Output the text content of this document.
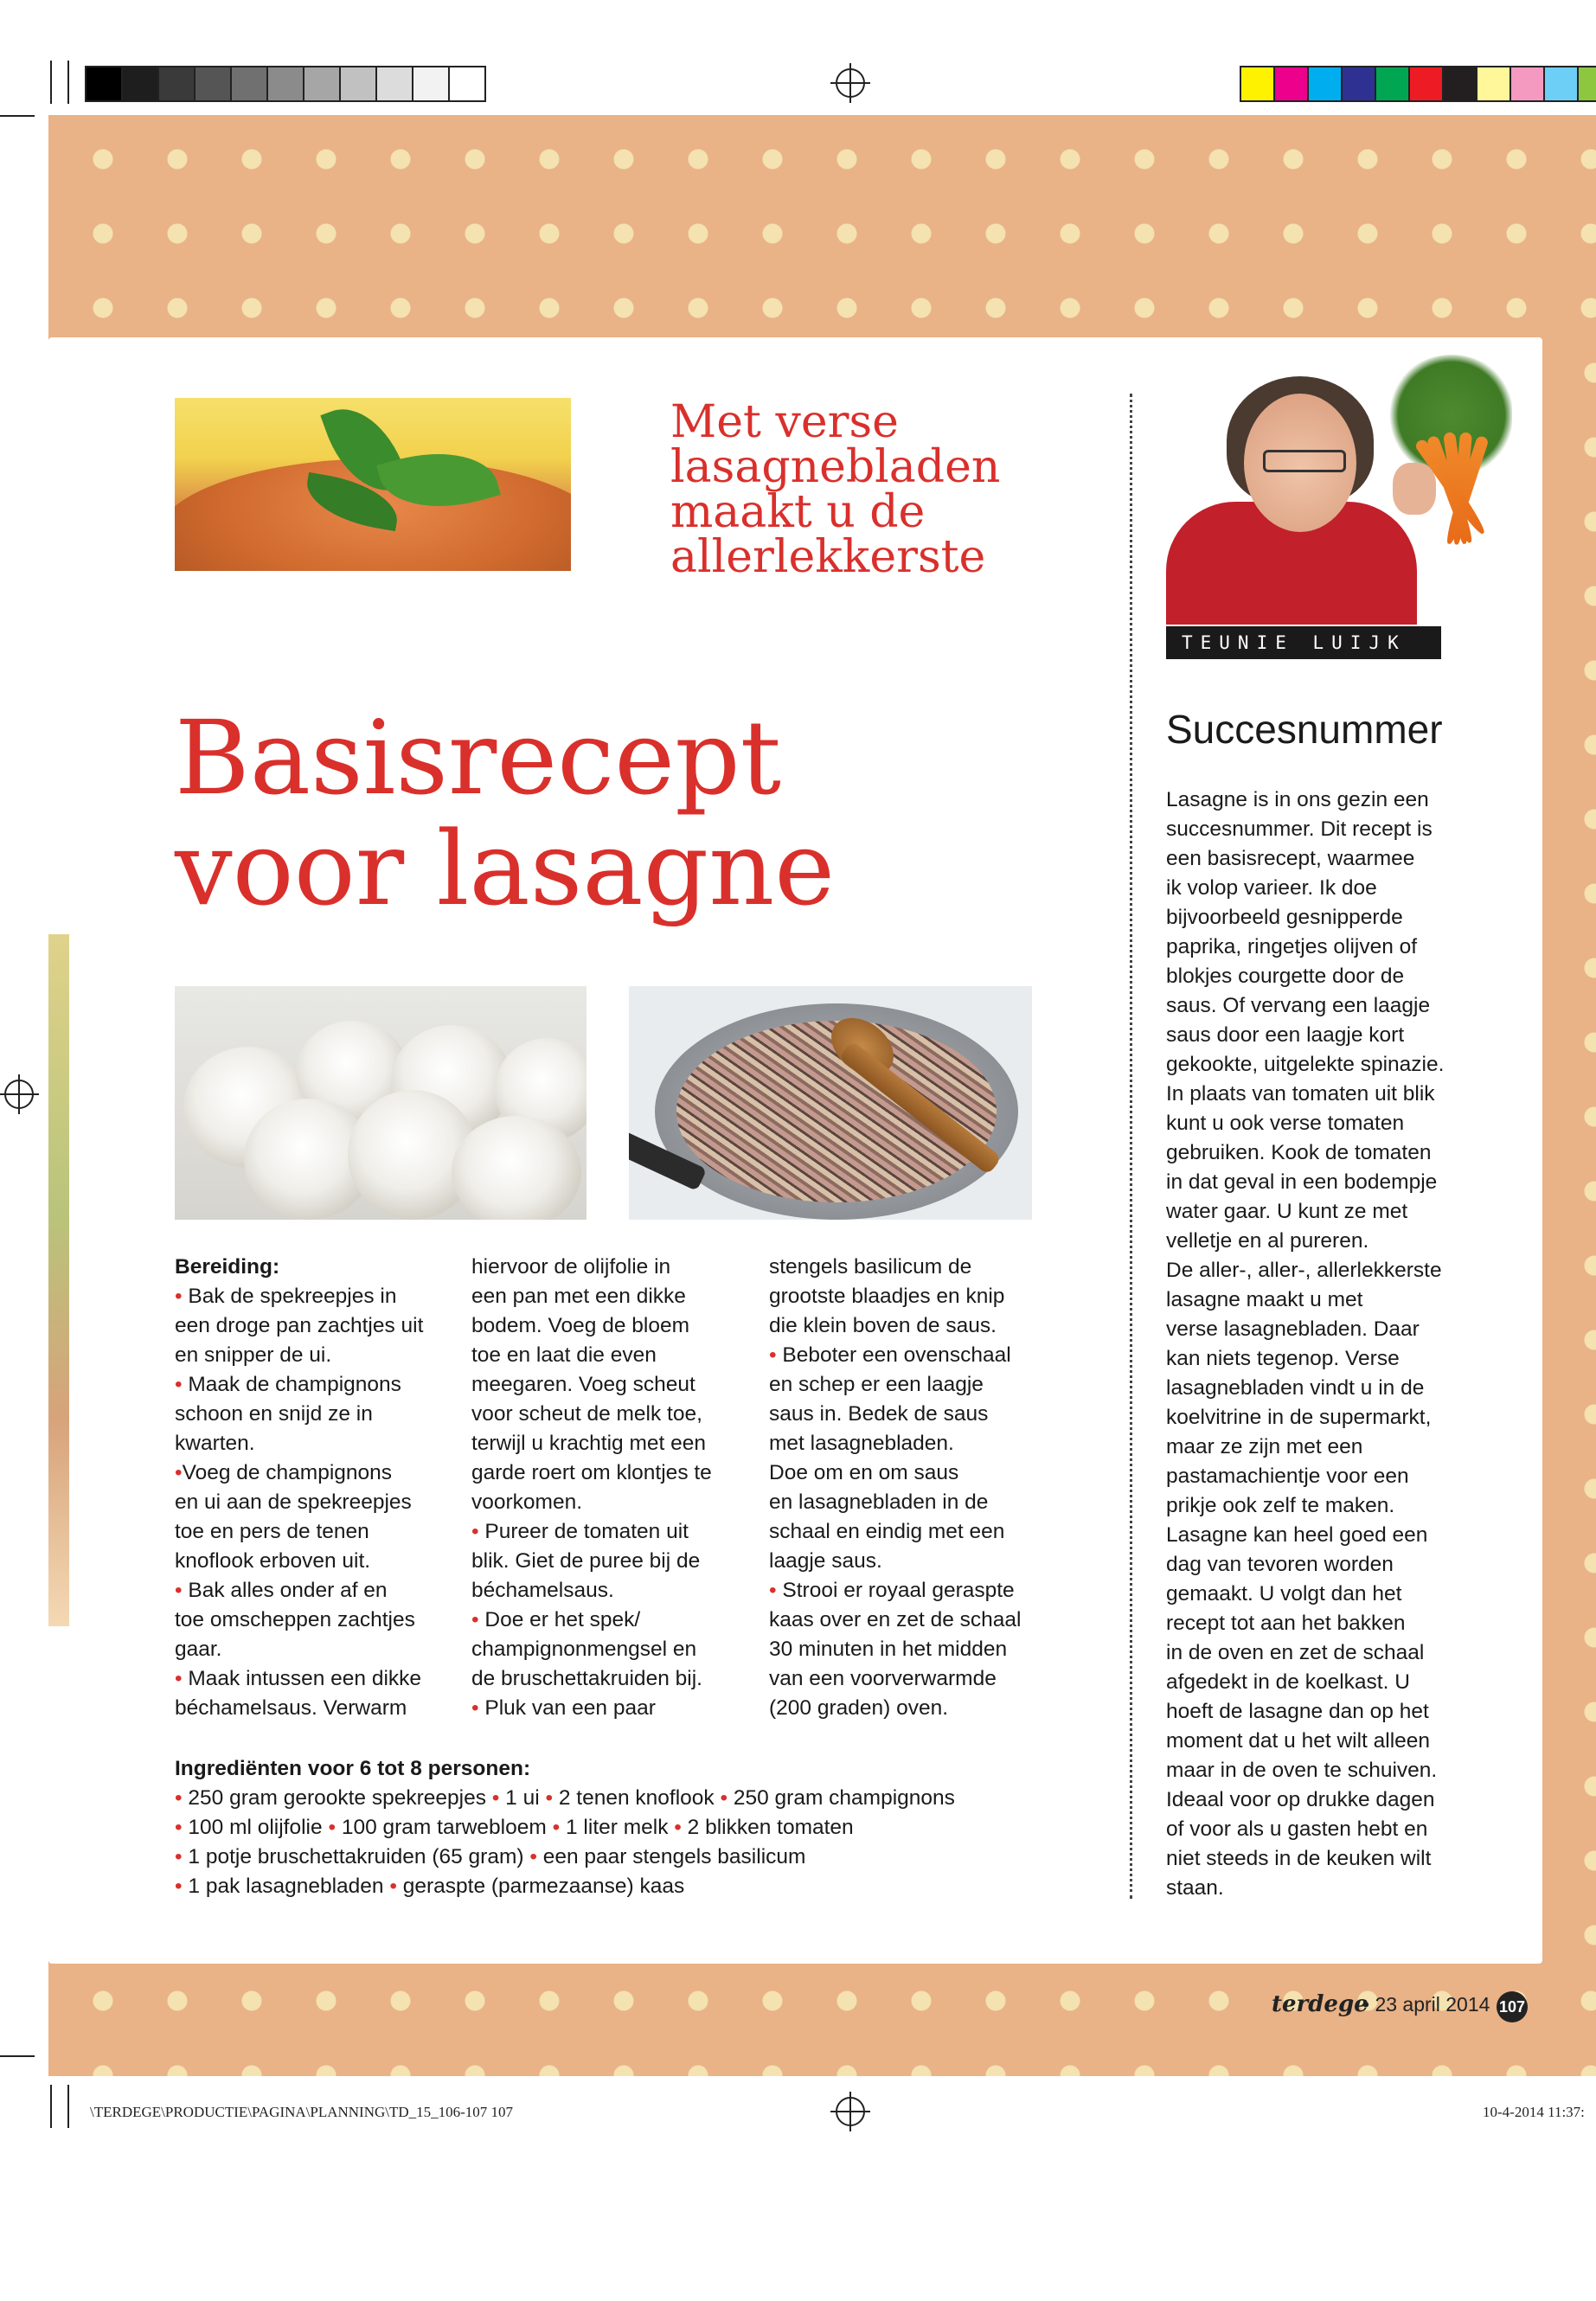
Met verse
lasagnebladen
maakt u de
allerlekkerste
Basisrecept
voor lasagne
TEUNIE LUIJK
Succesnummer
Lasagne is in ons gezin een
succesnummer. Dit recept is
een basisrecept, waarmee
ik volop varieer. Ik doe
bijvoorbeeld gesnipperde
paprika, ringetjes olijven of
blokjes courgette door de
saus. Of vervang een laagje
saus door een laagje kort
gekookte, uitgelekte spinazie.
In plaats van tomaten uit blik
kunt u ook verse tomaten
gebruiken. Kook de tomaten
in dat geval in een bodempje
water gaar. U kunt ze met
velletje en al pureren.
De aller-, aller-, allerlekkerste
lasagne maakt u met
verse lasagnebladen. Daar
kan niets tegenop. Verse
lasagnebladen vindt u in de
koelvitrine in de supermarkt,
maar ze zijn met een
pastamachientje voor een
prikje ook zelf te maken.
Lasagne kan heel goed een
dag van tevoren worden
gemaakt. U volgt dan het
recept tot aan het bakken
in de oven en zet de schaal
afgedekt in de koelkast. U
hoeft de lasagne dan op het
moment dat u het wilt alleen
maar in de oven te schuiven.
Ideaal voor op drukke dagen
of voor als u gasten hebt en
niet steeds in de keuken wilt
staan.
Bereiding:
• Bak de spekreepjes in
een droge pan zachtjes uit
en snipper de ui.
• Maak de champignons
schoon en snijd ze in
kwarten.
•Voeg de champignons
en ui aan de spekreepjes
toe en pers de tenen
knoflook erboven uit.
• Bak alles onder af en
toe omscheppen zachtjes
gaar.
• Maak intussen een dikke
béchamelsaus. Verwarm
hiervoor de olijfolie in
een pan met een dikke
bodem. Voeg de bloem
toe en laat die even
meegaren. Voeg scheut
voor scheut de melk toe,
terwijl u krachtig met een
garde roert om klontjes te
voorkomen.
• Pureer de tomaten uit
blik. Giet de puree bij de
béchamelsaus.
• Doe er het spek/
champignonmengsel en
de bruschettakruiden bij.
• Pluk van een paar
stengels basilicum de
grootste blaadjes en knip
die klein boven de saus.
• Beboter een ovenschaal
en schep er een laagje
saus in. Bedek de saus
met lasagnebladen.
Doe om en om saus
en lasagnebladen in de
schaal en eindig met een
laagje saus.
• Strooi er royaal geraspte
kaas over en zet de schaal
30 minuten in het midden
van een voorverwarmde
(200 graden) oven.
Ingrediënten voor 6 tot 8 personen:
• 250 gram gerookte spekreepjes • 1 ui • 2 tenen knoflook • 250 gram champignons
• 100 ml olijfolie • 100 gram tarwebloem • 1 liter melk • 2 blikken tomaten
• 1 potje bruschettakruiden (65 gram) • een paar stengels basilicum
• 1 pak lasagnebladen • geraspte (parmezaanse) kaas
terdege
• 23 april 2014 107
\TERDEGE\PRODUCTIE\PAGINA\PLANNING\TD_15_106-107 107	10-4-2014 11:37:
